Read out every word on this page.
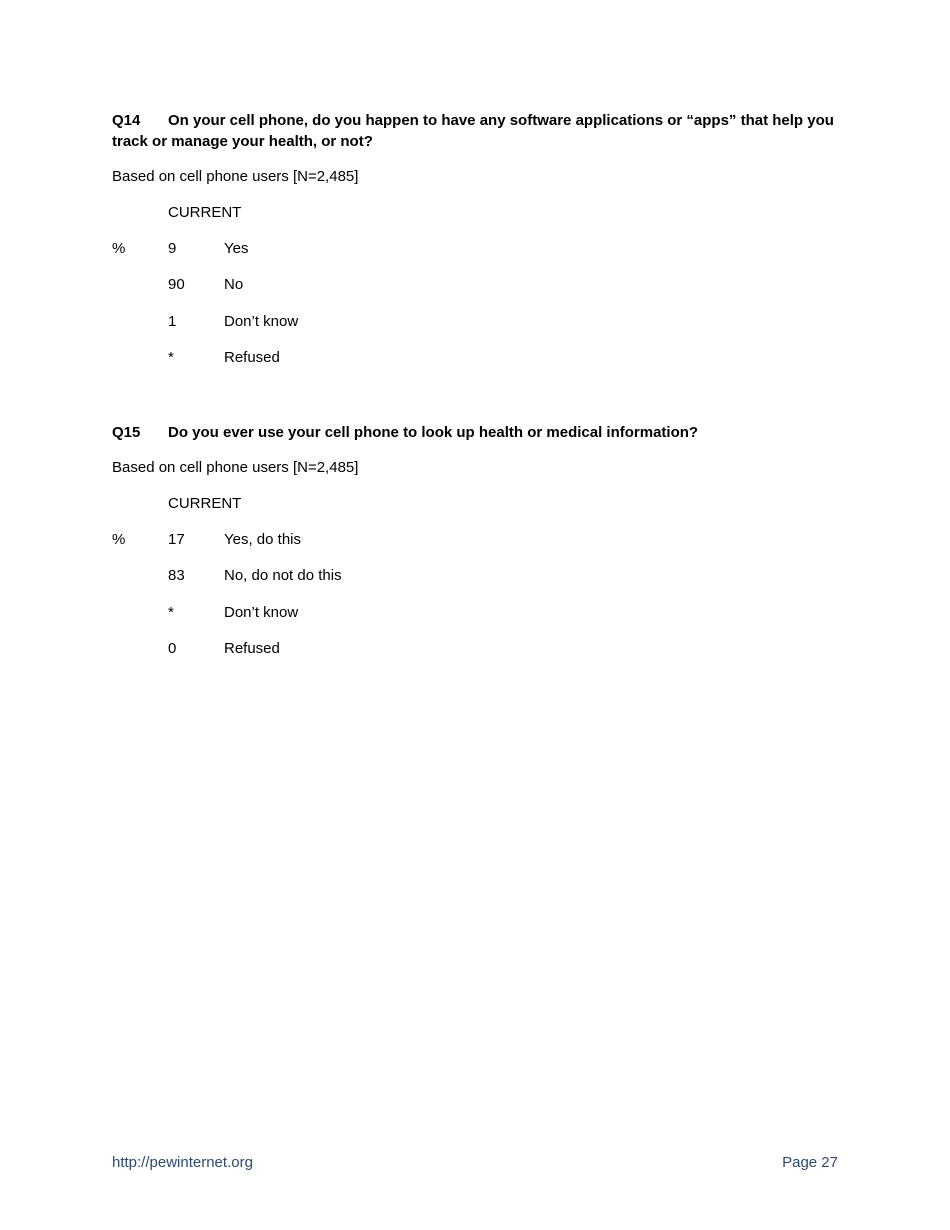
Q14 On your cell phone, do you happen to have any software applications or “apps” that help you track or manage your health, or not?

Based on cell phone users [N=2,485]
CURRENT
%	9	Yes
90	No
1	Don’t know
*	Refused

Q15 Do you ever use your cell phone to look up health or medical information?

Based on cell phone users [N=2,485]
CURRENT
%	17	Yes, do this
83	No, do not do this
*	Don’t know
0	Refused
http://pewinternet.org	Page 27
